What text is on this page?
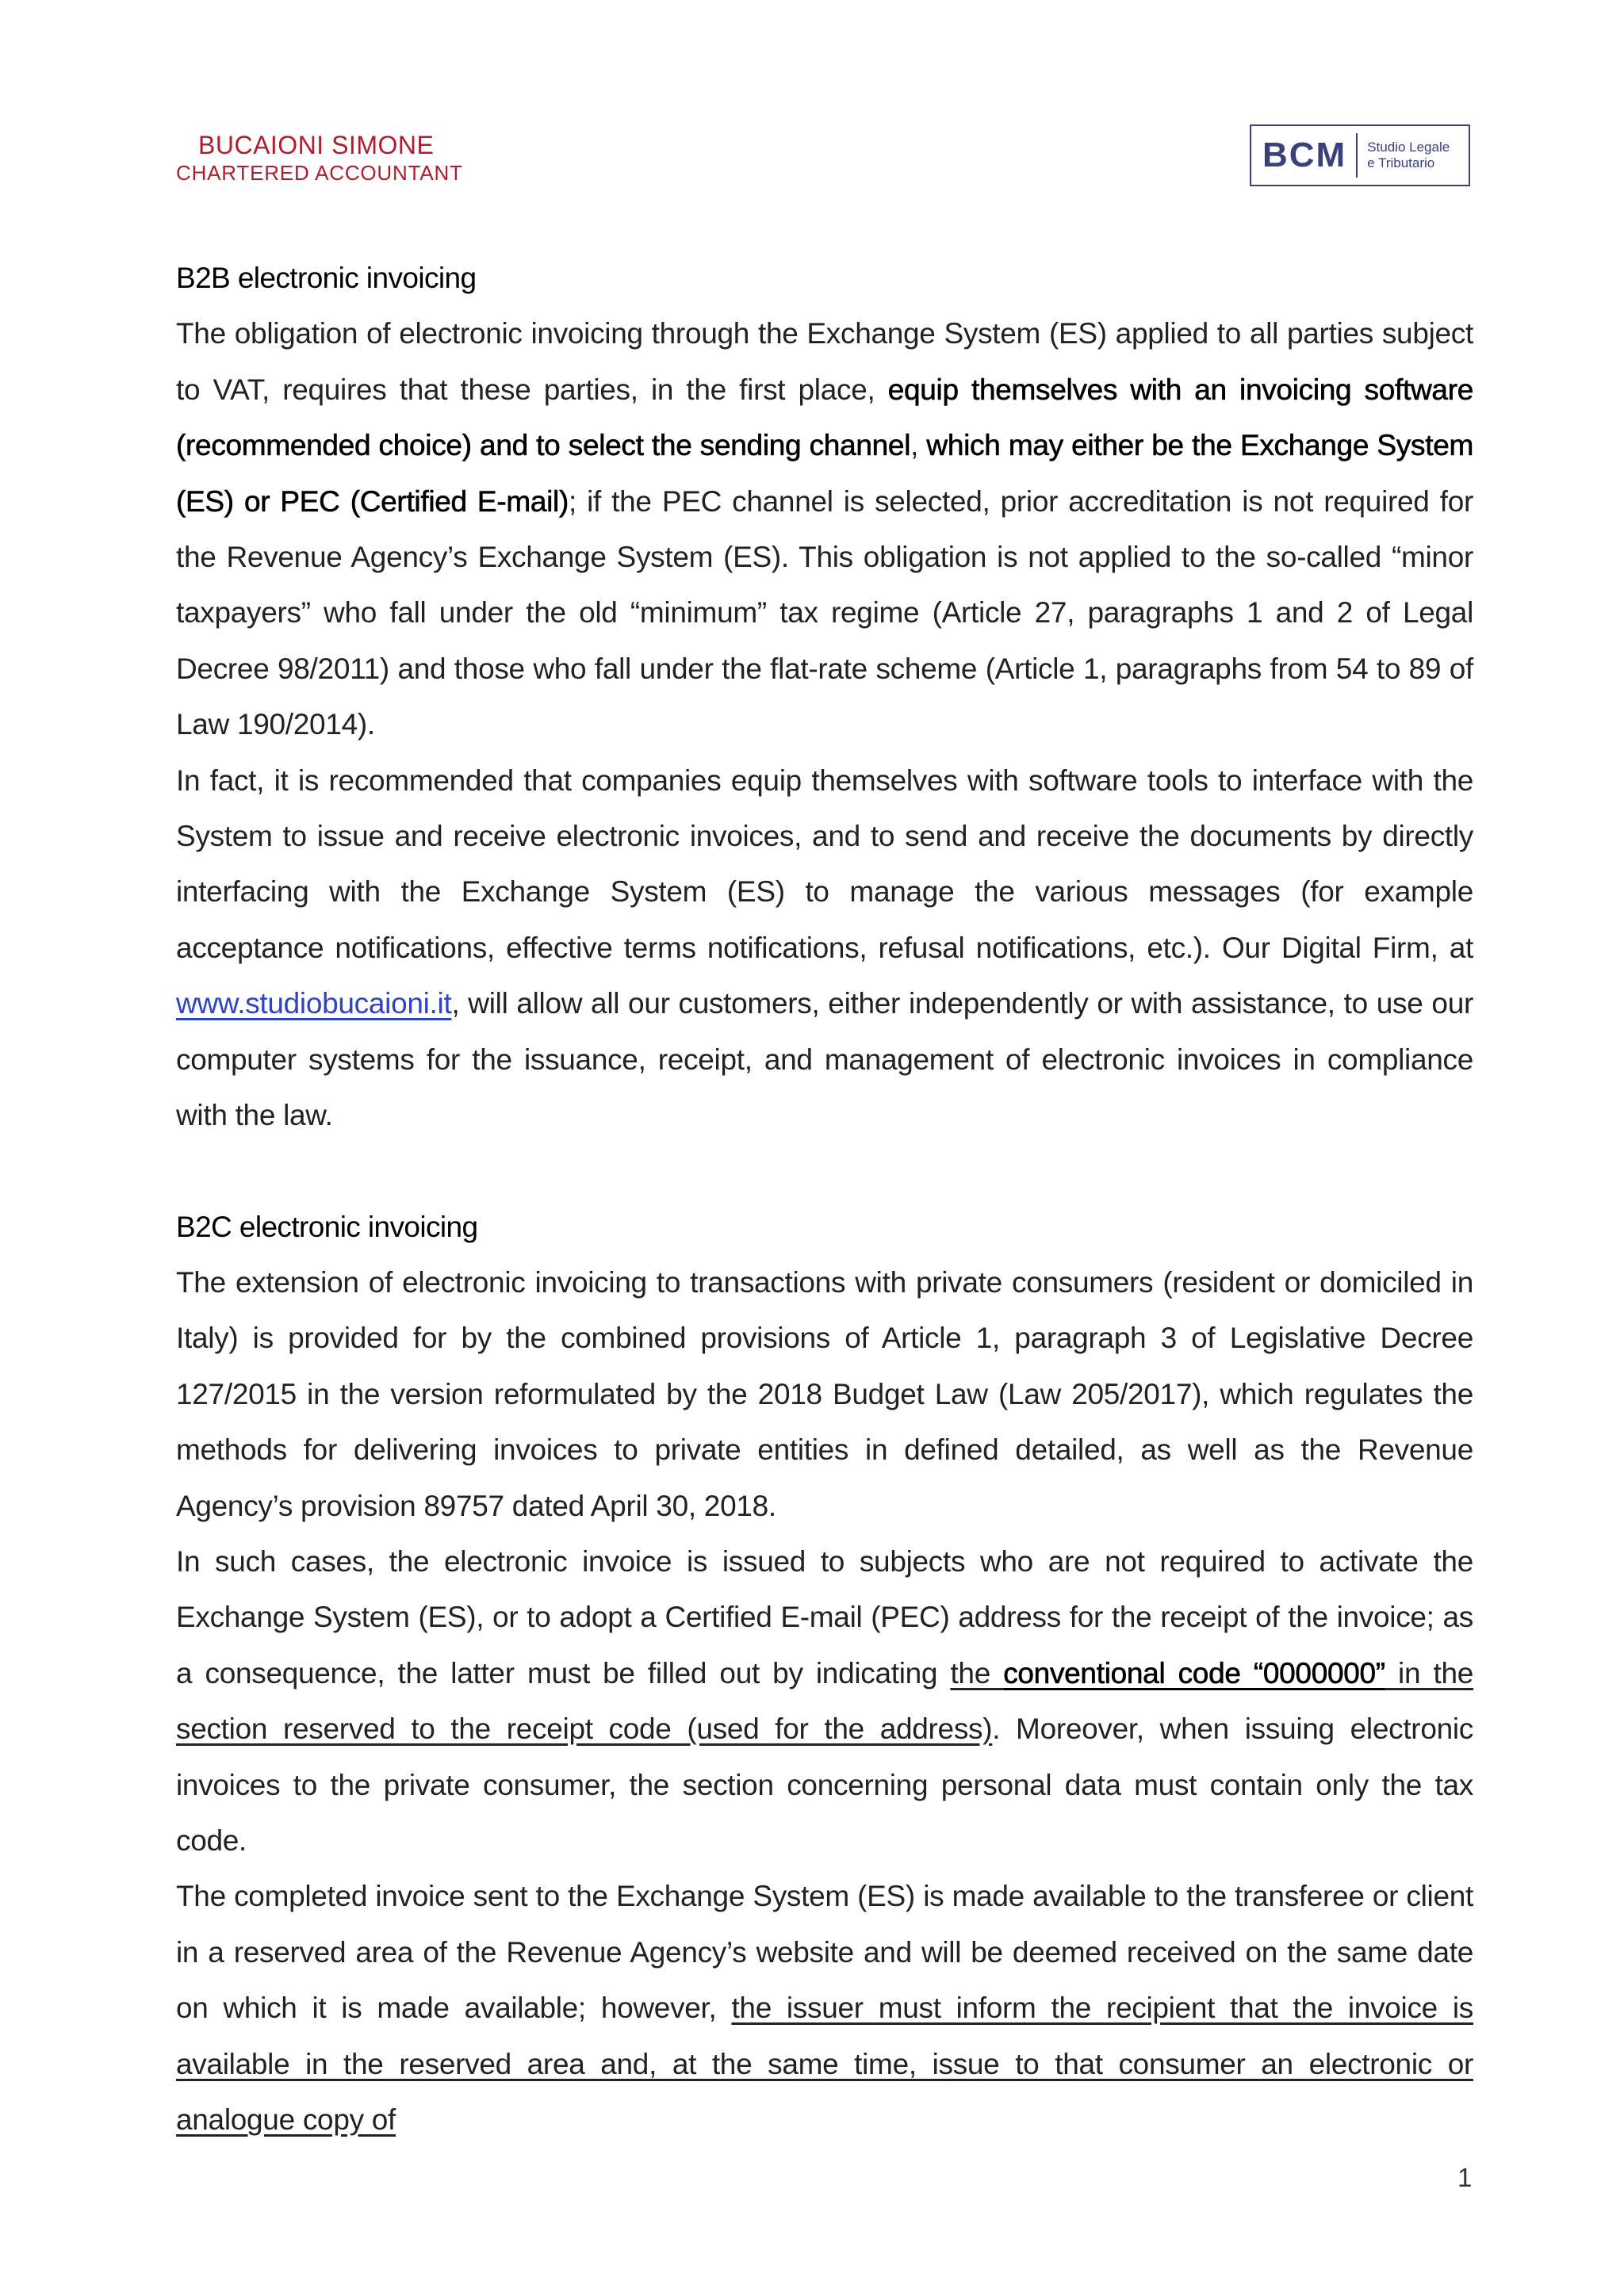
BUCAIONI SIMONE
CHARTERED ACCOUNTANT	BCM	Studio Legale
e Tributario
B2B electronic invoicing

The obligation of electronic invoicing through the Exchange System (ES) applied to all parties subject to VAT, requires that these parties, in the first place, equip themselves with an invoicing software (recommended choice) and to select the sending channel, which may either be the Exchange System (ES) or PEC (Certified E-mail); if the PEC channel is selected, prior accreditation is not required for the Revenue Agency’s Exchange System (ES). This obligation is not applied to the so-called “minor taxpayers” who fall under the old “minimum” tax regime (Article 27, paragraphs 1 and 2 of Legal Decree 98/2011) and those who fall under the flat-rate scheme (Article 1, paragraphs from 54 to 89 of Law 190/2014).

In fact, it is recommended that companies equip themselves with software tools to interface with the System to issue and receive electronic invoices, and to send and receive the documents by directly interfacing with the Exchange System (ES) to manage the various messages (for example acceptance notifications, effective terms notifications, refusal notifications, etc.). Our Digital Firm, at www.studiobucaioni.it, will allow all our customers, either independently or with assistance, to use our computer systems for the issuance, receipt, and management of electronic invoices in compliance with the law.

B2C electronic invoicing

The extension of electronic invoicing to transactions with private consumers (resident or domiciled in Italy) is provided for by the combined provisions of Article 1, paragraph 3 of Legislative Decree 127/2015 in the version reformulated by the 2018 Budget Law (Law 205/2017), which regulates the methods for delivering invoices to private entities in defined detailed, as well as the Revenue Agency’s provision 89757 dated April 30, 2018.

In such cases, the electronic invoice is issued to subjects who are not required to activate the Exchange System (ES), or to adopt a Certified E-mail (PEC) address for the receipt of the invoice; as a consequence, the latter must be filled out by indicating the conventional code “0000000” in the section reserved to the receipt code (used for the address). Moreover, when issuing electronic invoices to the private consumer, the section concerning personal data must contain only the tax code.

The completed invoice sent to the Exchange System (ES) is made available to the transferee or client in a reserved area of the Revenue Agency’s website and will be deemed received on the same date on which it is made available; however, the issuer must inform the recipient that the invoice is available in the reserved area and, at the same time, issue to that consumer an electronic or analogue copy of

1
